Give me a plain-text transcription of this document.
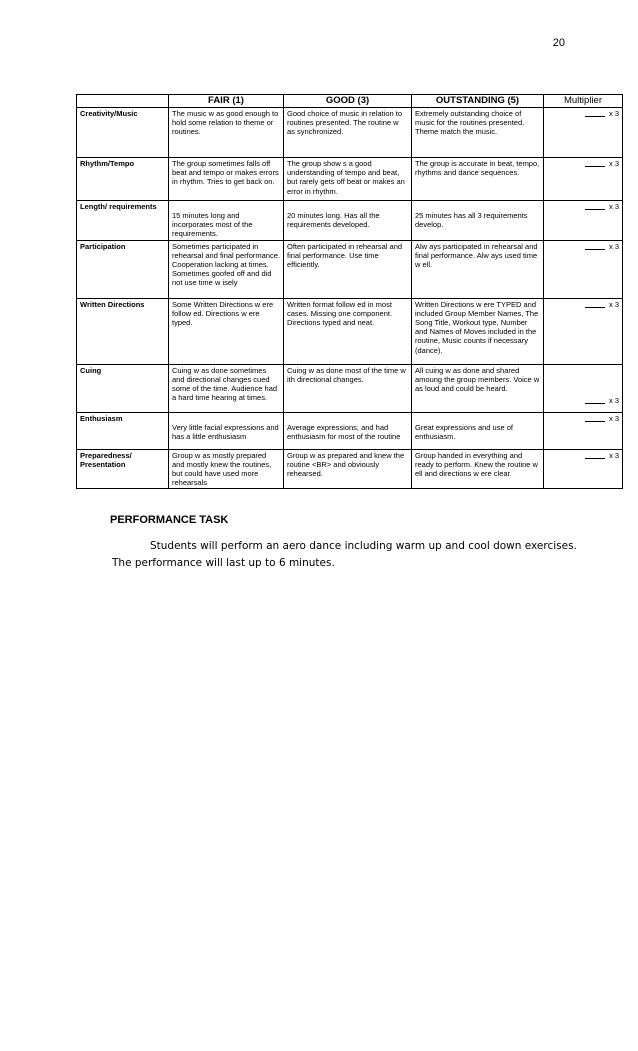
20
	FAIR (1)	GOOD (3)	OUTSTANDING (5)	Multiplier
Creativity/Music	The music w as good enough to hold some relation to theme or routines.	Good choice of music in relation to routines presented. The routine w as synchronized.	Extremely outstanding choice of music for the routines presented. Theme match the music.	x 3
Rhythm/Tempo	The group sometimes falls off beat and tempo or makes errors in rhythm. Tries to get back on.	The group show s a good understanding of tempo and beat, but rarely gets off beat or makes an error in rhythm.	The group is accurate in beat, tempo, rhythms and dance sequences.	x 3
Length/ requirements	15 minutes long and incorporates most of the requirements.	20 minutes long. Has all the requirements developed.	25 minutes has all 3 requirements develop.	x 3
Participation	Sometimes participated in rehearsal and final performance. Cooperation lacking at times. Sometimes goofed off and did not use time w isely	Often participated in rehearsal and final performance. Use time efficiently.	Alw ays participated in rehearsal and final performance. Alw ays used time w ell.	x 3
Written Directions	Some Written Directions w ere follow ed. Directions w ere typed.	Written format follow ed in most cases. Missing one component. Directions typed and neat.	Written Directions w ere TYPED and included Group Member Names, The Song Title, Workout type, Number and Names of Moves included in the routine, Music counts if necessary (dance).	x 3
Cuing	Cuing w as done sometimes and directional changes cued some of the time. Audience had a hard time hearing at times.	Cuing w as done most of the time w ith directional changes.	All cuing w as done and shared amoung the group members. Voice w as loud and could be heard.	x 3
Enthusiasm	Very little facial expressions and has a little enthusiasm	Average expressions, and had enthusiasm for most of the routine	Great expressions and use of enthusiasm.	x 3
Preparedness/ Presentation	Group w as mostly prepared and mostly knew the routines, but could have used more rehearsals	Group w as prepared and knew the routine <BR> and obviously rehearsed.	Group handed in everything and ready to perform. Knew the routine w ell and directions w ere clear.	x 3
PERFORMANCE TASK
Students will perform an aero dance including warm up and cool down exercises. The performance will last up to 6 minutes.
